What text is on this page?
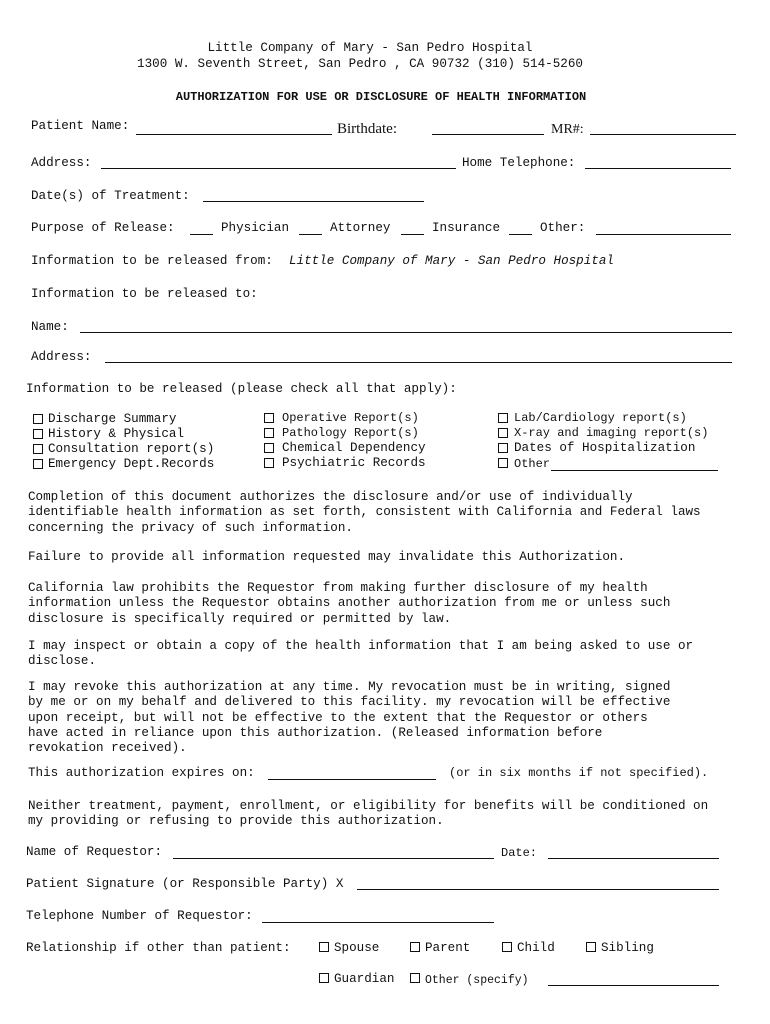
Little Company of Mary - San Pedro Hospital
1300 W. Seventh Street, San Pedro , CA 90732 (310) 514-5260
AUTHORIZATION FOR USE OR DISCLOSURE OF HEALTH INFORMATION
Patient Name:	Birthdate:	MR#:
Address:	Home Telephone:
Date(s) of Treatment:
Purpose of Release:	Physician	Attorney	Insurance	Other:
Information to be released from: Little Company of Mary - San Pedro Hospital
Information to be released to:
Name:
Address:
Information to be released (please check all that apply):
Discharge Summary
History & Physical
Consultation report(s)
Emergency Dept.Records
Operative Report(s)
Pathology Report(s)
Chemical Dependency
Psychiatric Records
Lab/Cardiology report(s)
X-ray and imaging report(s)
Dates of Hospitalization
Other
Completion of this document authorizes the disclosure and/or use of individually
identifiable health information as set forth, consistent with California and Federal laws
concerning the privacy of such information.
Failure to provide all information requested may invalidate this Authorization.
California law prohibits the Requestor from making further disclosure of my health
information unless the Requestor obtains another authorization from me or unless such
disclosure is specifically required or permitted by law.
I may inspect or obtain a copy of the health information that I am being asked to use or
disclose.
I may revoke this authorization at any time. My revocation must be in writing, signed
by me or on my behalf and delivered to this facility. my revocation will be effective
upon receipt, but will not be effective to the extent that the Requestor or others
have acted in reliance upon this authorization. (Released information before
revokation received).
This authorization expires on:	(or in six months if not specified).
Neither treatment, payment, enrollment, or eligibility for benefits will be conditioned on
my providing or refusing to provide this authorization.
Name of Requestor:	Date:
Patient Signature (or Responsible Party) X
Telephone Number of Requestor:
Relationship if other than patient:	Spouse	Parent	Child	Sibling
Guardian	Other (specify)
